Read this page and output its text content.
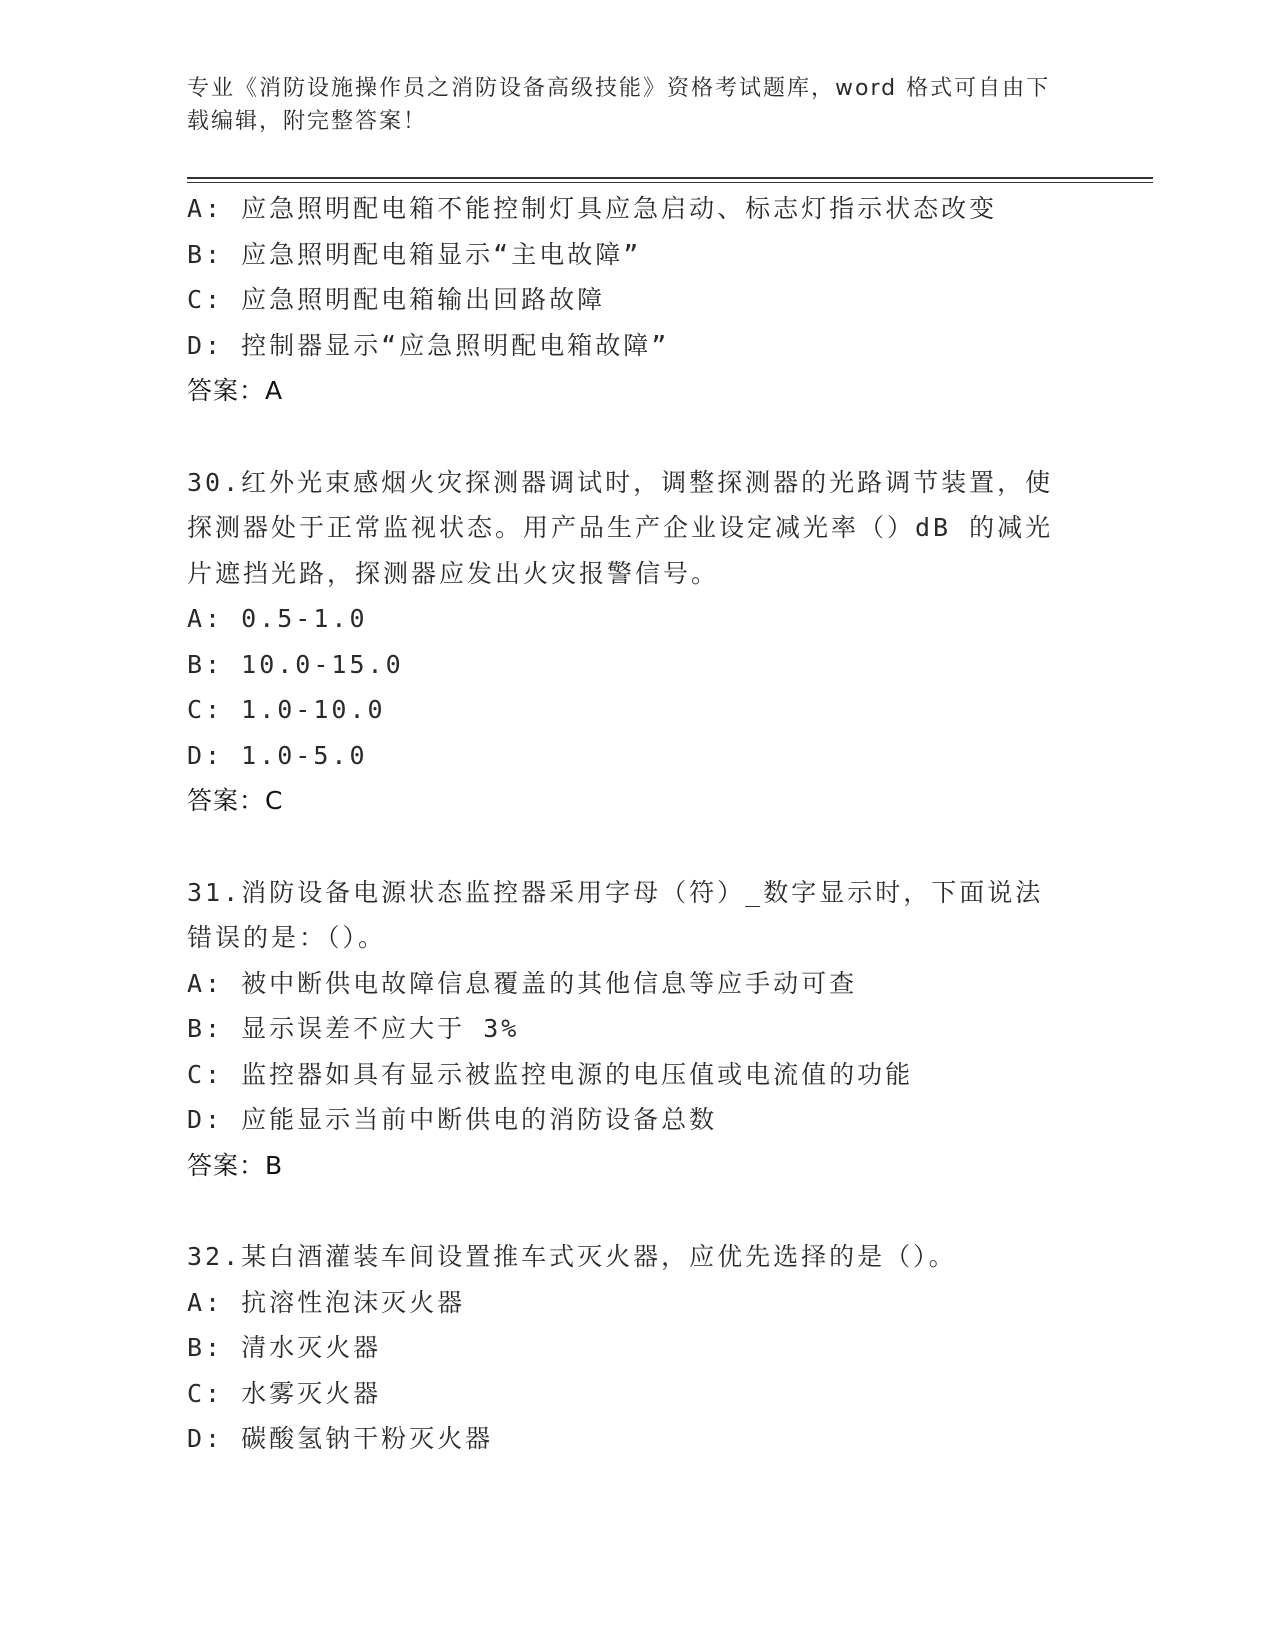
专业《消防设施操作员之消防设备高级技能》资格考试题库，word 格式可自由下
载编辑，附完整答案！
A: 应急照明配电箱不能控制灯具应急启动、标志灯指示状态改变
B: 应急照明配电箱显示“主电故障”
C: 应急照明配电箱输出回路故障
D: 控制器显示“应急照明配电箱故障”
答案：A
30.红外光束感烟火灾探测器调试时，调整探测器的光路调节装置，使
探测器处于正常监视状态。用产品生产企业设定减光率（）dB 的减光
片遮挡光路，探测器应发出火灾报警信号。
A: 0.5-1.0
B: 10.0-15.0
C: 1.0-10.0
D: 1.0-5.0
答案：C
31.消防设备电源状态监控器采用字母（符）_数字显示时，下面说法
错误的是：（）。
A: 被中断供电故障信息覆盖的其他信息等应手动可查
B: 显示误差不应大于 3%
C: 监控器如具有显示被监控电源的电压值或电流值的功能
D: 应能显示当前中断供电的消防设备总数
答案：B
32.某白酒灌装车间设置推车式灭火器，应优先选择的是（）。
A: 抗溶性泡沫灭火器
B: 清水灭火器
C: 水雾灭火器
D: 碳酸氢钠干粉灭火器
